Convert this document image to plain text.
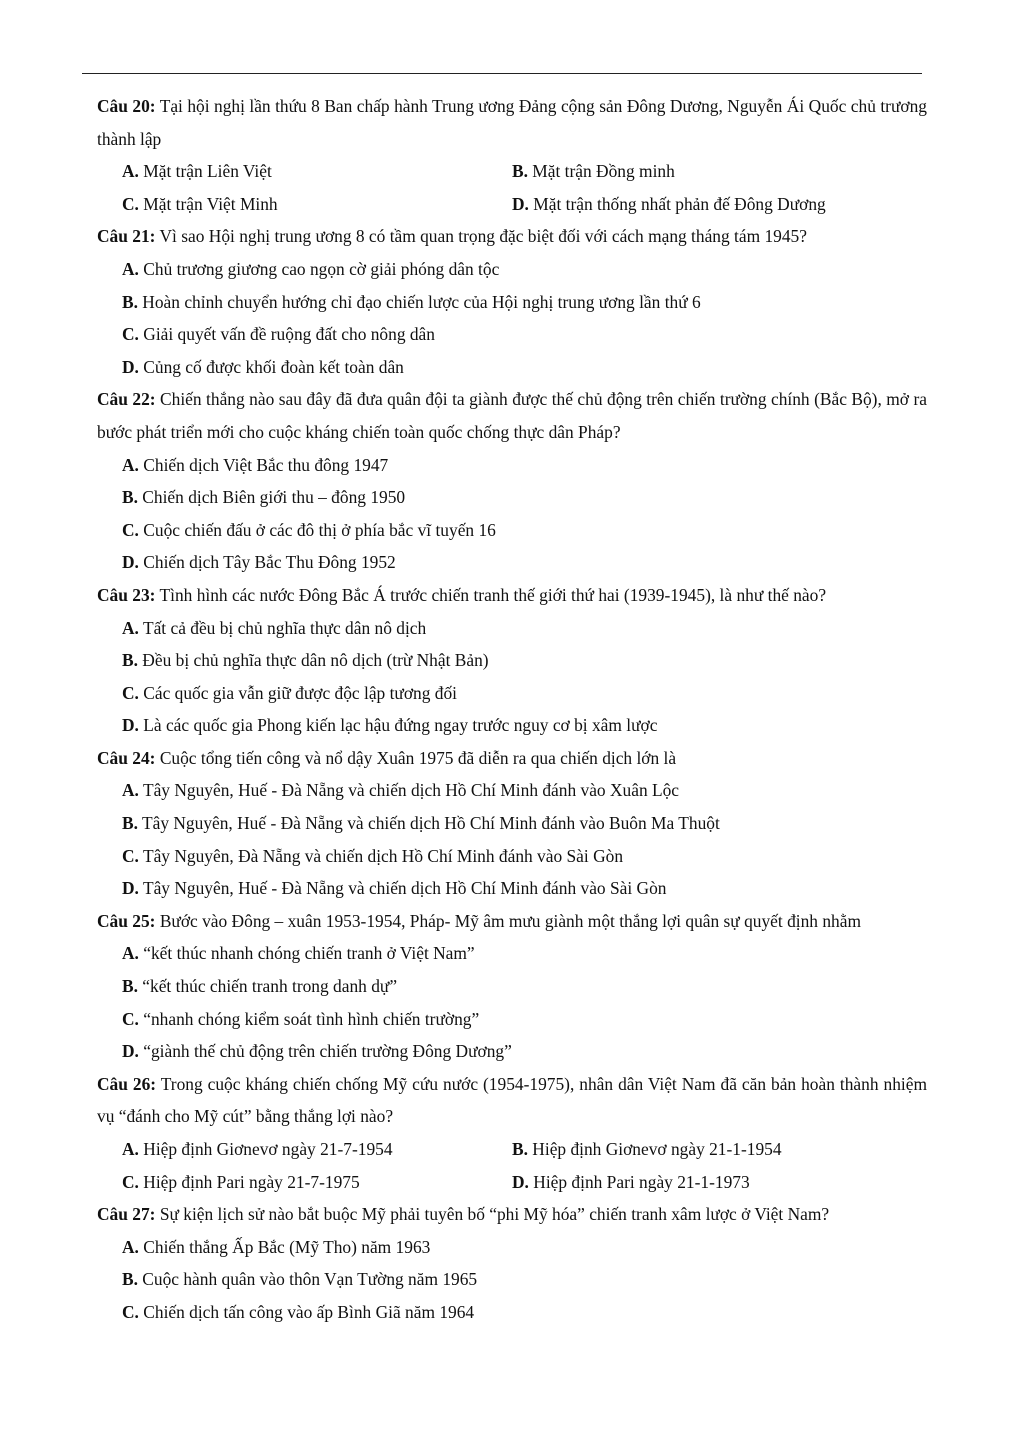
Câu 20: Tại hội nghị lần thứu 8 Ban chấp hành Trung ương Đảng cộng sản Đông Dương, Nguyễn Ái Quốc chủ trương thành lập
A. Mặt trận Liên Việt	B. Mặt trận Đồng minh
C. Mặt trận Việt Minh	D. Mặt trận thống nhất phản đế Đông Dương
Câu 21: Vì sao Hội nghị trung ương 8 có tầm quan trọng đặc biệt đối với cách mạng tháng tám 1945?
A. Chủ trương giương cao ngọn cờ giải phóng dân tộc
B. Hoàn chỉnh chuyển hướng chỉ đạo chiến lược của Hội nghị trung ương lần thứ 6
C. Giải quyết vấn đề ruộng đất cho nông dân
D. Củng cố được khối đoàn kết toàn dân
Câu 22: Chiến thắng nào sau đây đã đưa quân đội ta giành được thế chủ động trên chiến trường chính (Bắc Bộ), mở ra bước phát triển mới cho cuộc kháng chiến toàn quốc chống thực dân Pháp?
A. Chiến dịch Việt Bắc thu đông 1947
B. Chiến dịch Biên giới thu – đông 1950
C. Cuộc chiến đấu ở các đô thị ở phía bắc vĩ tuyến 16
D. Chiến dịch Tây Bắc Thu Đông 1952
Câu 23: Tình hình các nước Đông Bắc Á trước chiến tranh thế giới thứ hai (1939-1945), là như thế nào?
A. Tất cả đều bị chủ nghĩa thực dân nô dịch
B. Đều bị chủ nghĩa thực dân nô dịch (trừ Nhật Bản)
C. Các quốc gia vẫn giữ được độc lập tương đối
D. Là các quốc gia Phong kiến lạc hậu đứng ngay trước nguy cơ bị xâm lược
Câu 24: Cuộc tổng tiến công và nổ dậy Xuân 1975 đã diễn ra qua chiến dịch lớn là
A. Tây Nguyên, Huế - Đà Nẵng và chiến dịch Hồ Chí Minh đánh vào Xuân Lộc
B. Tây Nguyên, Huế - Đà Nẵng và chiến dịch Hồ Chí Minh đánh vào Buôn Ma Thuột
C. Tây Nguyên, Đà Nẵng và chiến dịch Hồ Chí Minh đánh vào Sài Gòn
D. Tây Nguyên, Huế - Đà Nẵng và chiến dịch Hồ Chí Minh đánh vào Sài Gòn
Câu 25: Bước vào Đông – xuân 1953-1954, Pháp- Mỹ âm mưu giành một thắng lợi quân sự quyết định nhằm
A. “kết thúc nhanh chóng chiến tranh ở Việt Nam”
B. “kết thúc chiến tranh trong danh dự”
C. “nhanh chóng kiểm soát tình hình chiến trường”
D. “giành thế chủ động trên chiến trường Đông Dương”
Câu 26: Trong cuộc kháng chiến chống Mỹ cứu nước (1954-1975), nhân dân Việt Nam đã căn bản hoàn thành nhiệm vụ “đánh cho Mỹ cút” bằng thắng lợi nào?
A. Hiệp định Giơnevơ ngày 21-7-1954	B. Hiệp định Giơnevơ ngày 21-1-1954
C. Hiệp định Pari ngày 21-7-1975	D. Hiệp định Pari ngày 21-1-1973
Câu 27: Sự kiện lịch sử nào bắt buộc Mỹ phải tuyên bố “phi Mỹ hóa” chiến tranh xâm lược ở Việt Nam?
A. Chiến thắng Ấp Bắc (Mỹ Tho) năm 1963
B. Cuộc hành quân vào thôn Vạn Tường năm 1965
C. Chiến dịch tấn công vào ấp Bình Giã năm 1964
